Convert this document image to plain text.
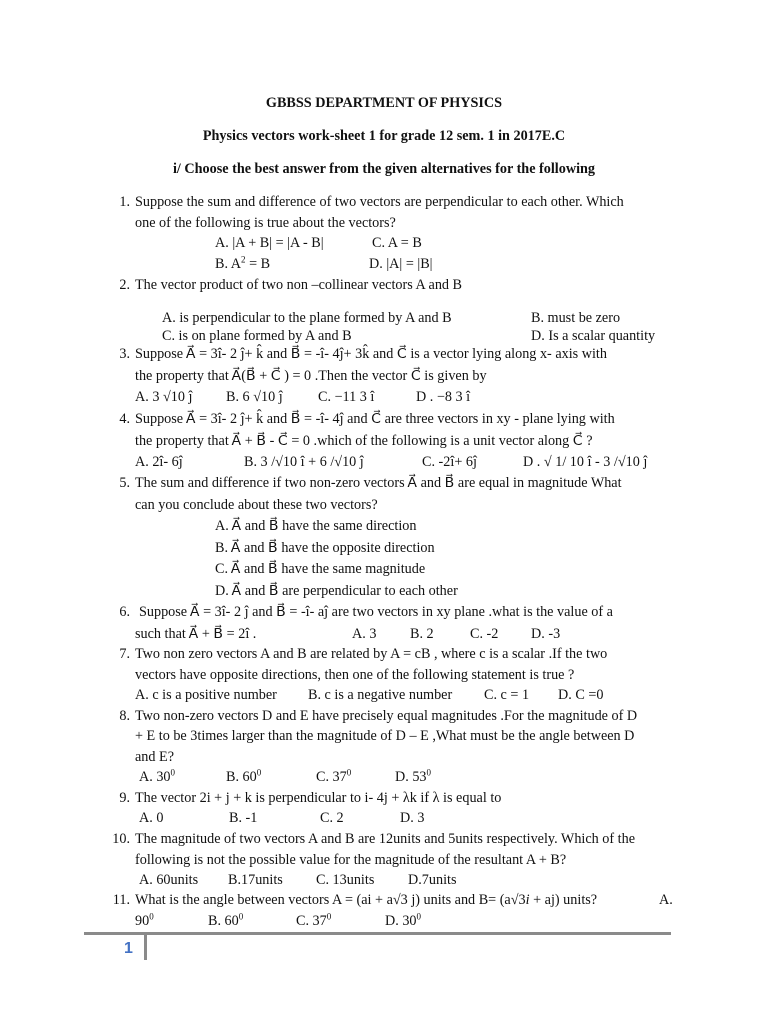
GBBSS DEPARTMENT OF PHYSICS
Physics vectors work-sheet 1 for grade 12 sem. 1 in 2017E.C
i/ Choose the best answer from the given alternatives for the following
1. Suppose the sum and difference of two vectors are perpendicular to each other. Which
one of the following is true about the vectors?
A. |A + B| = |A - B|	C. A = B
B. $A^2 = B$	D. |A| = |B|
2. The vector product of two non –collinear vectors A and B
A. is perpendicular to the plane formed by A and B	B. must be zero
C. is on plane formed by A and B	D. Is a scalar quantity
3. Suppose A⃗ = 3î- 2 ĵ+ k̂ and B⃗ = -î- 4ĵ+ 3k̂ and C⃗ is a vector lying along x- axis with
the property that A⃗(B⃗ + C⃗ ) = 0 .Then the vector C⃗ is given by
A. 3 √10 ĵ B. 6 √10 ĵ C. −11 3 î	D . −8 3 î
4. Suppose A⃗ = 3î- 2 ĵ+ k̂ and B⃗ = -î- 4ĵ and C⃗ are three vectors in xy - plane lying with
the property that A⃗ + B⃗ - C⃗ = 0 .which of the following is a unit vector along C⃗ ?
A. 2î- 6ĵ	B. 3 /√10 î + 6 /√10 ĵ	C. -2î+ 6ĵ	D . √ 1/ 10 î - 3 /√10 ĵ
5. The sum and difference if two non-zero vectors A⃗ and B⃗ are equal in magnitude What
can you conclude about these two vectors?
A. A⃗ and B⃗ have the same direction
B. A⃗ and B⃗ have the opposite direction
C. A⃗ and B⃗ have the same magnitude
D. A⃗ and B⃗ are perpendicular to each other
6. Suppose A⃗ = 3î- 2 ĵ and B⃗ = -î- aĵ are two vectors in xy plane .what is the value of a
such that A⃗ + B⃗ = 2î .	A. 3 B. 2	C. -2 D. -3
7. Two non zero vectors A and B are related by A = cB , where c is a scalar .If the two
vectors have opposite directions, then one of the following statement is true ?
A. c is a positive number B. c is a negative number C. c = 1 D. C =0
8. Two non-zero vectors D and E have precisely equal magnitudes .For the magnitude of D
+ E to be 3times larger than the magnitude of D – E ,What must be the angle between D
and E?
A. $30^0$	B. $60^0$	C. $37^0$	D. $53^0$
9. The vector 2i + j + k is perpendicular to i- 4j + λk if λ is equal to
A. 0	B. -1	C. 2	D. 3
10. The magnitude of two vectors A and B are 12units and 5units respectively. Which of the
following is not the possible value for the magnitude of the resultant A + B?
A. 60units B.17units C. 13units D.7units
11. What is the angle between vectors A = (ai + a√3 j) units and B= (a√3i + aj) units?	A.
$90^0$	B. $60^0$	C. $37^0$	D. $30^0$
1
